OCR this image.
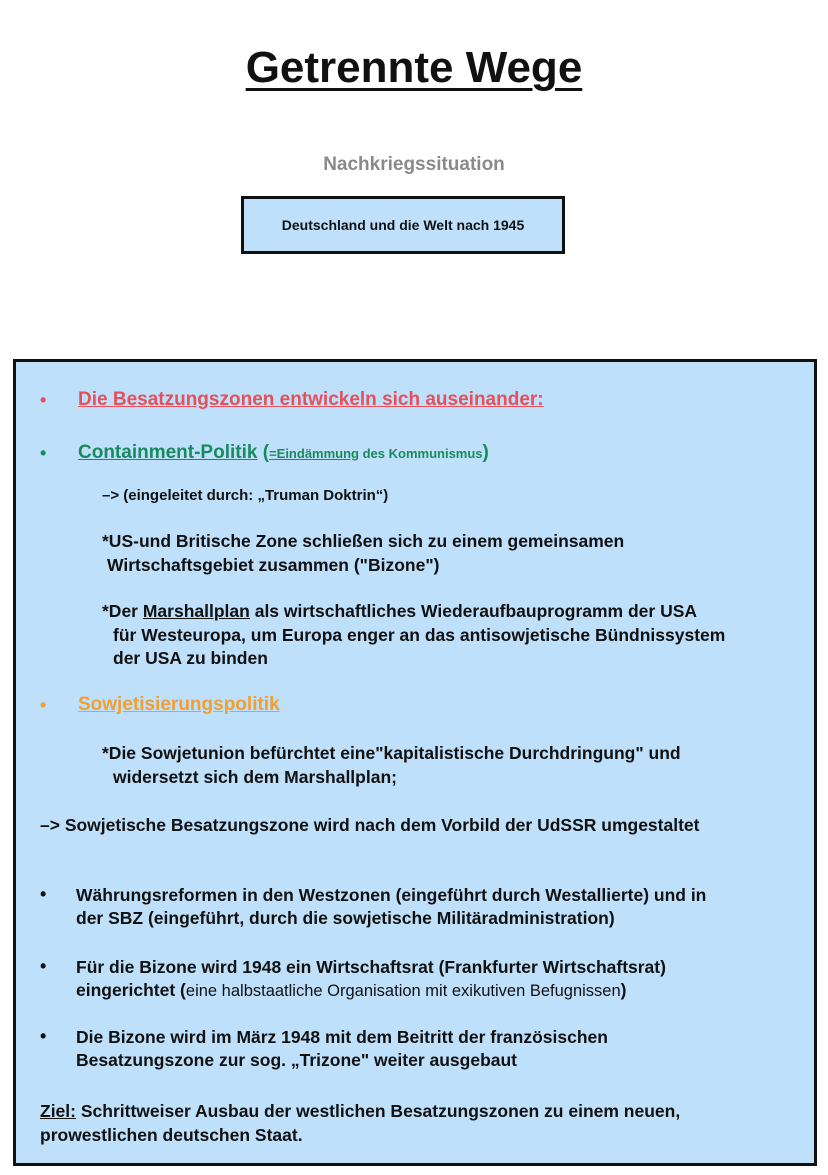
Getrennte Wege
Nachkriegssituation
Deutschland und die Welt nach 1945
• Die Besatzungszonen entwickeln sich auseinander:
• Containment-Politik (=Eindämmung des Kommunismus)
–> (eingeleitet durch: „Truman Doktrin“)
*US-und Britische Zone schließen sich zu einem gemeinsamen
Wirtschaftsgebiet zusammen ("Bizone")
*Der Marshallplan als wirtschaftliches Wiederaufbauprogramm der USA
für Westeuropa, um Europa enger an das antisowjetische Bündnissystem
der USA zu binden
• Sowjetisierungspolitik
*Die Sowjetunion befürchtet eine"kapitalistische Durchdringung" und
widersetzt sich dem Marshallplan;
–> Sowjetische Besatzungszone wird nach dem Vorbild der UdSSR umgestaltet
• Währungsreformen in den Westzonen (eingeführt durch Westallierte) und in
der SBZ (eingeführt, durch die sowjetische Militäradministration)
• Für die Bizone wird 1948 ein Wirtschaftsrat (Frankfurter Wirtschaftsrat)
eingerichtet (eine halbstaatliche Organisation mit exikutiven Befugnissen)
• Die Bizone wird im März 1948 mit dem Beitritt der französischen
Besatzungszone zur sog. „Trizone" weiter ausgebaut
Ziel: Schrittweiser Ausbau der westlichen Besatzungszonen zu einem neuen,
prowestlichen deutschen Staat.
